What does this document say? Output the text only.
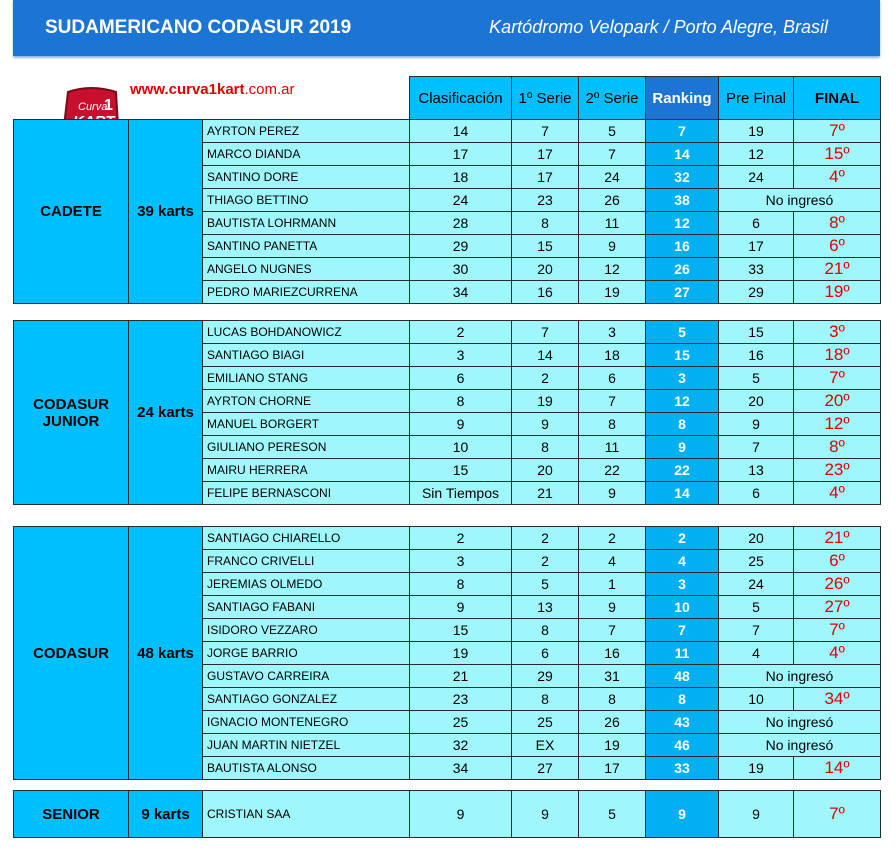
SUDAMERICANO CODASUR 2019	Kartódromo Velopark / Porto Alegre, Brasil
Curva
1
www.curva1kart.com.ar	Clasificación	1º Serie	2º Serie	Ranking	Pre Final	FINAL
CADETE	39 karts	AYRTON PEREZ	14	7	5	7	19	7º
		MARCO DIANDA	17	17	7	14	12	15º
		SANTINO DORE	18	17	24	32	24	4º
		THIAGO BETTINO	24	23	26	38	No ingresó	
		BAUTISTA LOHRMANN	28	8	11	12	6	8º
		SANTINO PANETTA	29	15	9	16	17	6º
		ANGELO NUGNES	30	20	12	26	33	21º
		PEDRO MARIEZCURRENA	34	16	19	27	29	19º
CODASUR JUNIOR	24 karts	LUCAS BOHDANOWICZ	2	7	3	5	15	3º
		SANTIAGO BIAGI	3	14	18	15	16	18º
		EMILIANO STANG	6	2	6	3	5	7º
		AYRTON CHORNE	8	19	7	12	20	20º
		MANUEL BORGERT	9	9	8	8	9	12º
		GIULIANO PERESON	10	8	11	9	7	8º
		MAIRU HERRERA	15	20	22	22	13	23º
		FELIPE BERNASCONI	Sin Tiempos	21	9	14	6	4º
CODASUR	48 karts	SANTIAGO CHIARELLO	2	2	2	2	20	21º
		FRANCO CRIVELLI	3	2	4	4	25	6º
		JEREMIAS OLMEDO	8	5	1	3	24	26º
		SANTIAGO FABANI	9	13	9	10	5	27º
		ISIDORO VEZZARO	15	8	7	7	7	7º
		JORGE BARRIO	19	6	16	11	4	4º
		GUSTAVO CARREIRA	21	29	31	48	No ingresó	
		SANTIAGO GONZALEZ	23	8	8	8	10	34º
		IGNACIO MONTENEGRO	25	25	26	43	No ingresó	
		JUAN MARTIN NIETZEL	32	EX	19	46	No ingresó	
		BAUTISTA ALONSO	34	27	17	33	19	14º
SENIOR	9 karts	CRISTIAN SAA	9	9	5	9	9	7º
